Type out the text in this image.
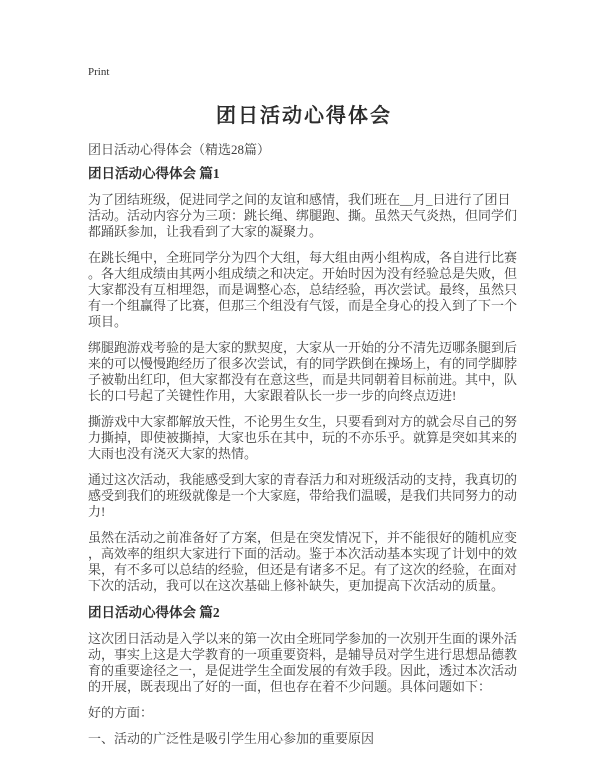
Print
团日活动心得体会

团日活动心得体会（精选28篇）

团日活动心得体会 篇1

为了团结班级，促进同学之间的友谊和感情，我们班在__月_日进行了团日活动。活动内容分为三项：跳长绳、绑腿跑、撕。虽然天气炎热，但同学们都踊跃参加，让我看到了大家的凝聚力。

在跳长绳中，全班同学分为四个大组，每大组由两小组构成，各自进行比赛。各大组成绩由其两小组成绩之和决定。开始时因为没有经验总是失败，但大家都没有互相埋怨，而是调整心态，总结经验，再次尝试。最终，虽然只有一个组赢得了比赛，但那三个组没有气馁，而是全身心的投入到了下一个项目。

绑腿跑游戏考验的是大家的默契度，大家从一开始的分不清先迈哪条腿到后来的可以慢慢跑经历了很多次尝试，有的同学跌倒在操场上，有的同学脚脖子被勒出红印，但大家都没有在意这些，而是共同朝着目标前进。其中，队长的口号起了关键性作用，大家跟着队长一步一步的向终点迈进!

撕游戏中大家都解放天性，不论男生女生，只要看到对方的就会尽自己的努力撕掉，即使被撕掉，大家也乐在其中，玩的不亦乐乎。就算是突如其来的大雨也没有浇灭大家的热情。

通过这次活动，我能感受到大家的青春活力和对班级活动的支持，我真切的感受到我们的班级就像是一个大家庭，带给我们温暖，是我们共同努力的动力!

虽然在活动之前准备好了方案，但是在突发情况下，并不能很好的随机应变，高效率的组织大家进行下面的活动。鉴于本次活动基本实现了计划中的效果，有不多可以总结的经验，但还是有诸多不足。有了这次的经验，在面对下次的活动，我可以在这次基础上修补缺失，更加提高下次活动的质量。

团日活动心得体会 篇2

这次团日活动是入学以来的第一次由全班同学参加的一次别开生面的课外活动，事实上这是大学教育的一项重要资料，是辅导员对学生进行思想品德教育的重要途径之一，是促进学生全面发展的有效手段。因此，透过本次活动的开展，既表现出了好的一面，但也存在着不少问题。具体问题如下：

好的方面：

一、活动的广泛性是吸引学生用心参加的重要原因
